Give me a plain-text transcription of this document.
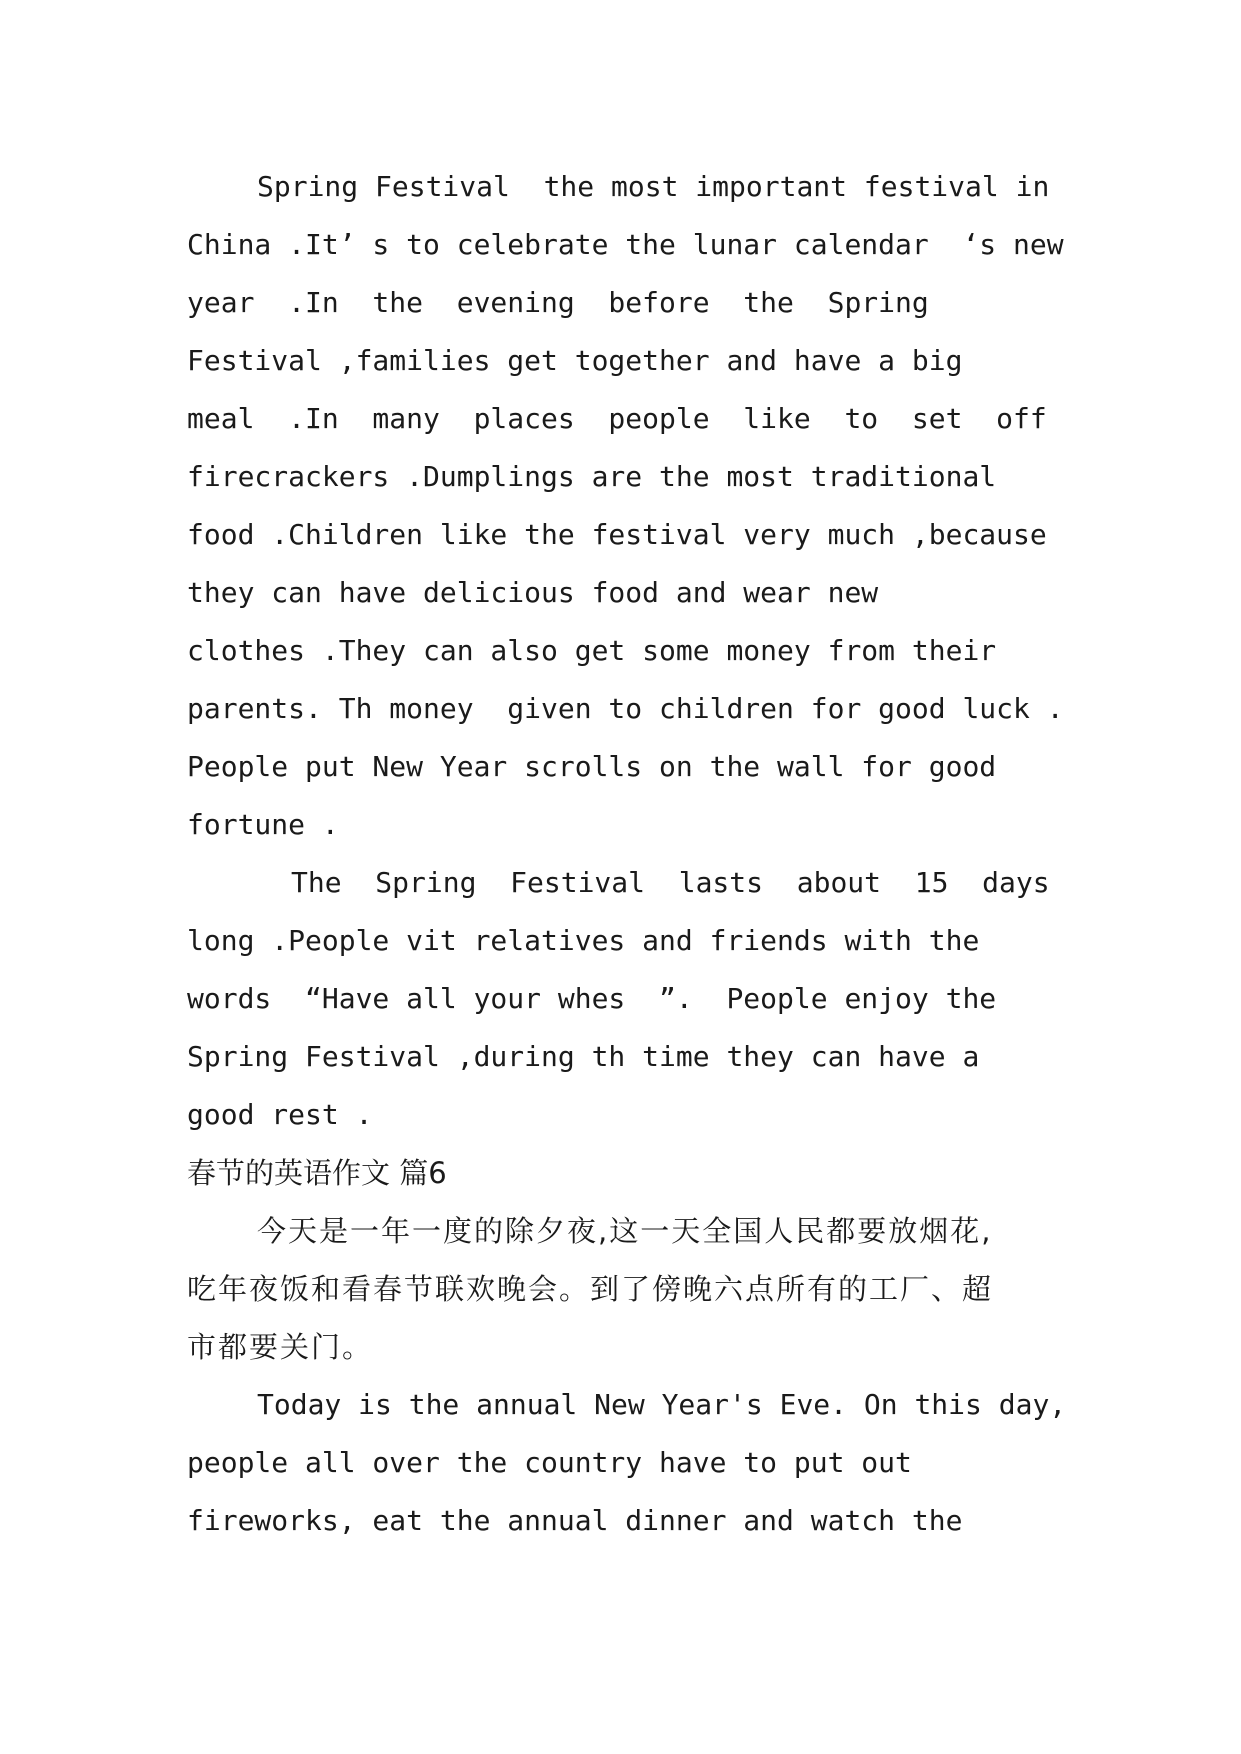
Spring Festival  the most important festival in
China .It’ s to celebrate the lunar calendar  ‘s new
year  .In  the  evening  before  the  Spring
Festival ,families get together and have a big
meal  .In  many  places  people  like  to  set  off
firecrackers .Dumplings are the most traditional
food .Children like the festival very much ,because
they can have delicious food and wear new
clothes .They can also get some money from their
parents. Th money  given to children for good luck .
People put New Year scrolls on the wall for good
fortune .
The  Spring  Festival  lasts  about  15  days
long .People vit relatives and friends with the
words  “Have all your whes  ”.  People enjoy the
Spring Festival ,during th time they can have a
good rest .
春节的英语作文 篇6
今天是一年一度的除夕夜,这一天全国人民都要放烟花,
吃年夜饭和看春节联欢晚会。到了傍晚六点所有的工厂、超
市都要关门。
Today is the annual New Year's Eve. On this day,
people all over the country have to put out
fireworks, eat the annual dinner and watch the
